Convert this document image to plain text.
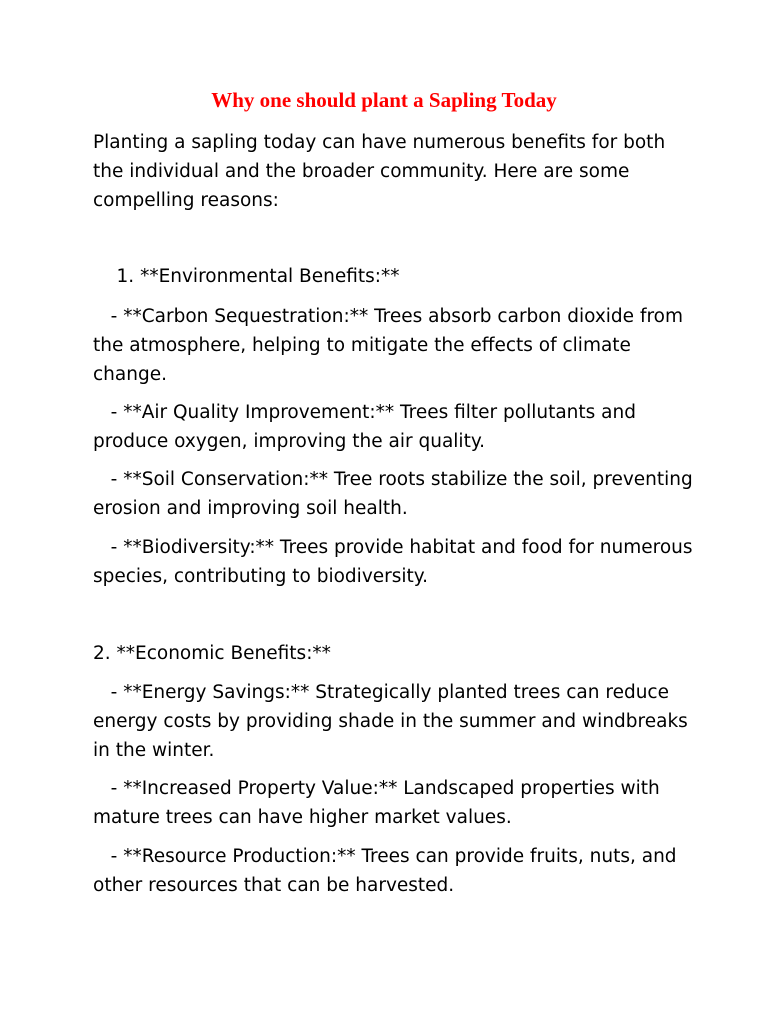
Why one should plant a Sapling Today

Planting a sapling today can have numerous benefits for both the individual and the broader community. Here are some compelling reasons:

1. **Environmental Benefits:**

- **Carbon Sequestration:** Trees absorb carbon dioxide from the atmosphere, helping to mitigate the effects of climate change.

- **Air Quality Improvement:** Trees filter pollutants and produce oxygen, improving the air quality.

- **Soil Conservation:** Tree roots stabilize the soil, preventing erosion and improving soil health.

- **Biodiversity:** Trees provide habitat and food for numerous species, contributing to biodiversity.

2. **Economic Benefits:**

- **Energy Savings:** Strategically planted trees can reduce energy costs by providing shade in the summer and windbreaks in the winter.

- **Increased Property Value:** Landscaped properties with mature trees can have higher market values.

- **Resource Production:** Trees can provide fruits, nuts, and other resources that can be harvested.
